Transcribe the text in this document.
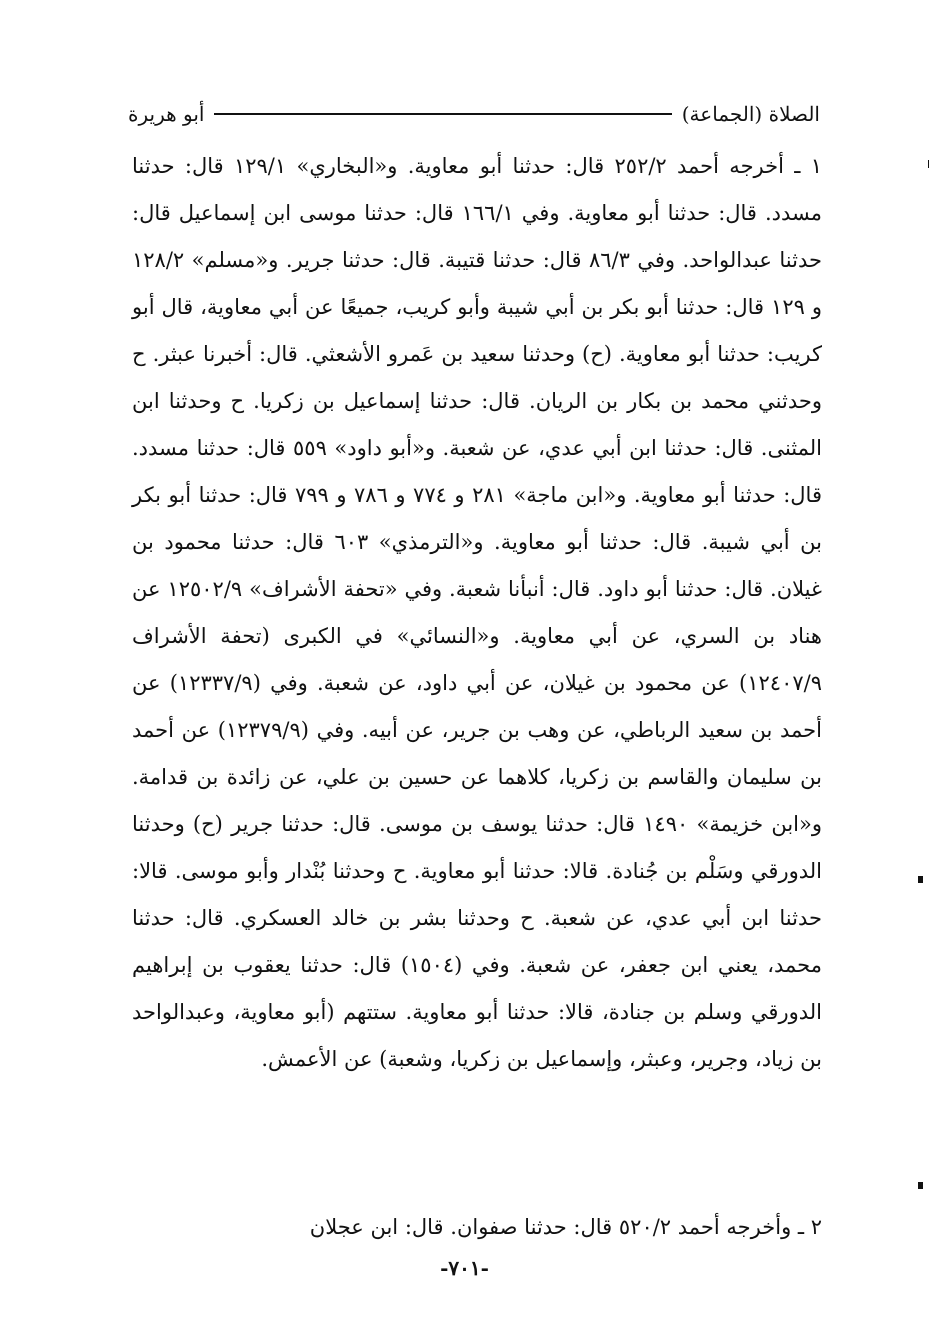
الصلاة (الجماعة)
أبو هريرة

١ ـ أخرجه أحمد ٢٥٢/٢ قال: حدثنا أبو معاوية. و«البخاري» ١٢٩/١ قال: حدثنا مسدد. قال: حدثنا أبو معاوية. وفي ١٦٦/١ قال: حدثنا موسى ابن إسماعيل قال: حدثنا عبدالواحد. وفي ٨٦/٣ قال: حدثنا قتيبة. قال: حدثنا جرير. و«مسلم» ١٢٨/٢ و ١٢٩ قال: حدثنا أبو بكر بن أبي شيبة وأبو كريب، جميعًا عن أبي معاوية، قال أبو كريب: حدثنا أبو معاوية. (ح) وحدثنا سعيد بن عَمرو الأشعثي. قال: أخبرنا عبثر. ح وحدثني محمد بن بكار بن الريان. قال: حدثنا إسماعيل بن زكريا. ح وحدثنا ابن المثنى. قال: حدثنا ابن أبي عدي، عن شعبة. و«أبو داود» ٥٥٩ قال: حدثنا مسدد. قال: حدثنا أبو معاوية. و«ابن ماجة» ٢٨١ و ٧٧٤ و ٧٨٦ و ٧٩٩ قال: حدثنا أبو بكر بن أبي شيبة. قال: حدثنا أبو معاوية. و«الترمذي» ٦٠٣ قال: حدثنا محمود بن غيلان. قال: حدثنا أبو داود. قال: أنبأنا شعبة. وفي «تحفة الأشراف» ١٢٥٠٢/٩ عن هناد بن السري، عن أبي معاوية. و«النسائي» في الكبرى (تحفة الأشراف ١٢٤٠٧/٩) عن محمود بن غيلان، عن أبي داود، عن شعبة. وفي (١٢٣٣٧/٩) عن أحمد بن سعيد الرباطي، عن وهب بن جرير، عن أبيه. وفي (١٢٣٧٩/٩) عن أحمد بن سليمان والقاسم بن زكريا، كلاهما عن حسين بن علي، عن زائدة بن قدامة. و«ابن خزيمة» ١٤٩٠ قال: حدثنا يوسف بن موسى. قال: حدثنا جرير (ح) وحدثنا الدورقي وسَلْم بن جُنادة. قالا: حدثنا أبو معاوية. ح وحدثنا بُنْدار وأبو موسى. قالا: حدثنا ابن أبي عدي، عن شعبة. ح وحدثنا بشر بن خالد العسكري. قال: حدثنا محمد، يعني ابن جعفر، عن شعبة. وفي (١٥٠٤) قال: حدثنا يعقوب بن إبراهيم الدورقي وسلم بن جنادة، قالا: حدثنا أبو معاوية. ستتهم (أبو معاوية، وعبدالواحد بن زياد، وجرير، وعبثر، وإسماعيل بن زكريا، وشعبة) عن الأعمش.

٢ ـ وأخرجه أحمد ٥٢٠/٢ قال: حدثنا صفوان. قال: ابن عجلان

-٧٠١-
